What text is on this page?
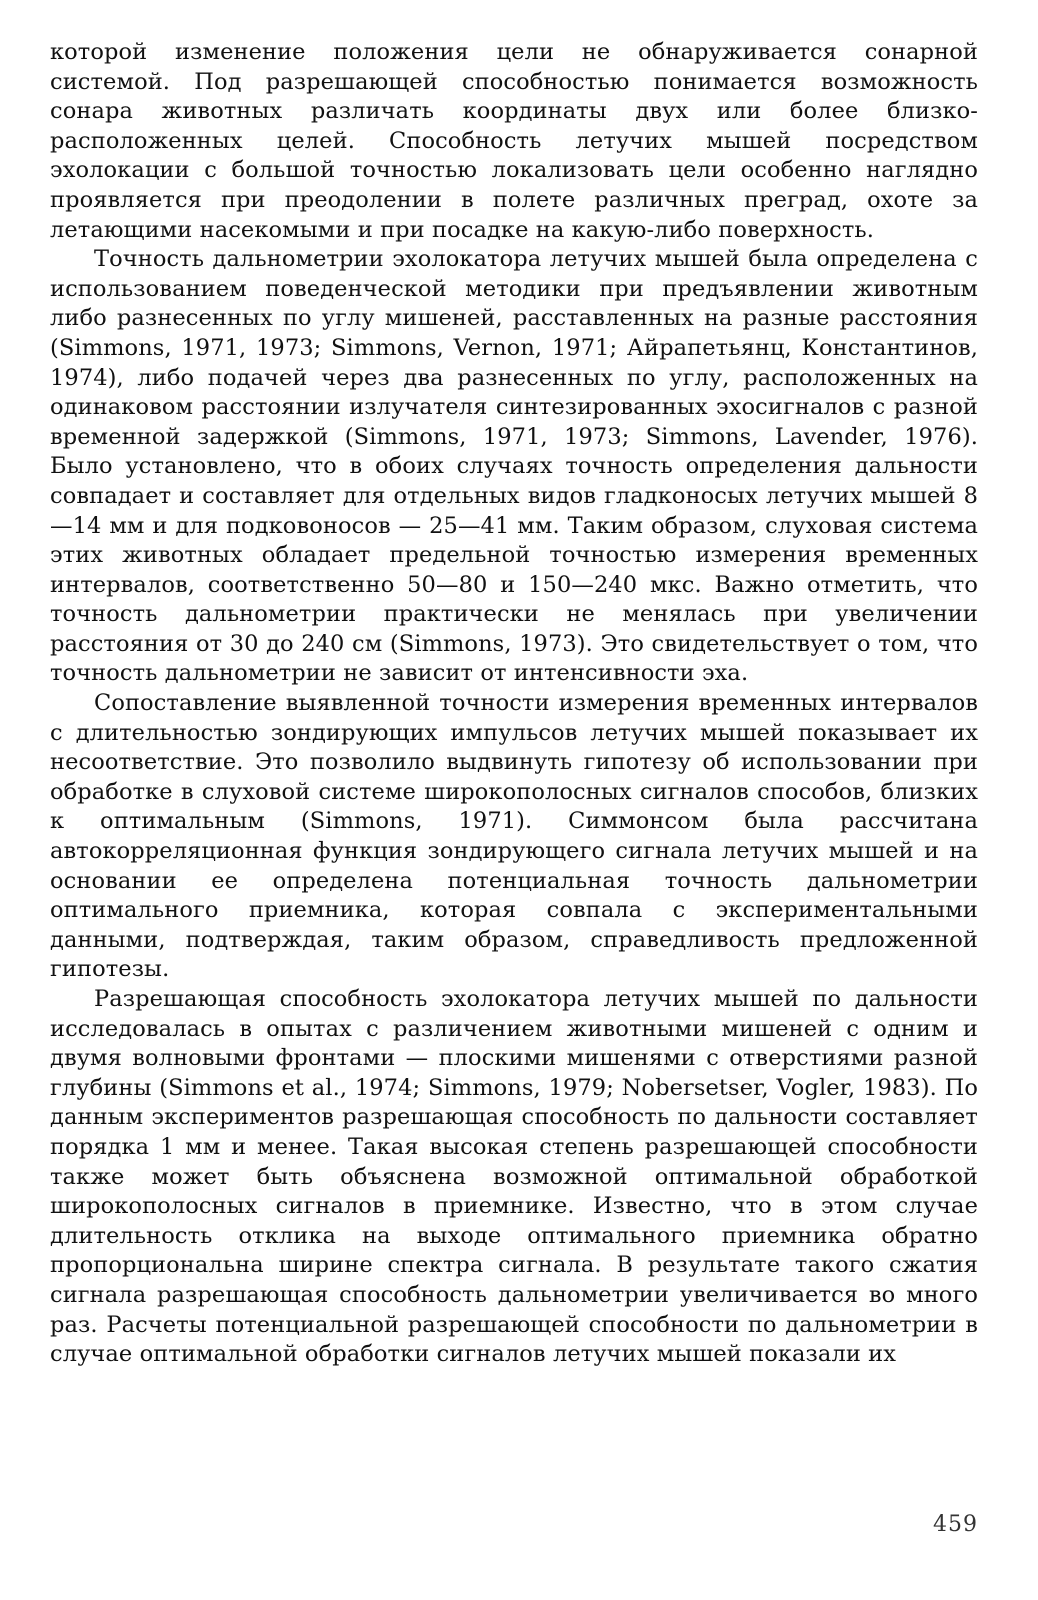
которой изменение положения цели не обнаруживается сонарной системой. Под разрешающей способностью понимается возможность сонара животных различать координаты двух или более близко-расположенных целей. Способность летучих мышей посредством эхолокации с большой точностью локализовать цели особенно наглядно проявляется при преодолении в полете различных преград, охоте за летающими насекомыми и при посадке на какую-либо поверхность.

Точность дальнометрии эхолокатора летучих мышей была определена с использованием поведенческой методики при предъявлении животным либо разнесенных по углу мишеней, расставленных на разные расстояния (Simmons, 1971, 1973; Simmons, Vernon, 1971; Айрапетьянц, Константинов, 1974), либо подачей через два разнесенных по углу, расположенных на одинаковом расстоянии излучателя синтезированных эхосигналов с разной временной задержкой (Simmons, 1971, 1973; Simmons, Lavender, 1976). Было установлено, что в обоих случаях точность определения дальности совпадает и составляет для отдельных видов гладконосых летучих мышей 8—14 мм и для подковоносов — 25—41 мм. Таким образом, слуховая система этих животных обладает предельной точностью измерения временных интервалов, соответственно 50—80 и 150—240 мкс. Важно отметить, что точность дальнометрии практически не менялась при увеличении расстояния от 30 до 240 см (Simmons, 1973). Это свидетельствует о том, что точность дальнометрии не зависит от интенсивности эха.

Сопоставление выявленной точности измерения временных интервалов с длительностью зондирующих импульсов летучих мышей показывает их несоответствие. Это позволило выдвинуть гипотезу об использовании при обработке в слуховой системе широкополосных сигналов способов, близких к оптимальным (Simmons, 1971). Симмонсом была рассчитана автокорреляционная функция зондирующего сигнала летучих мышей и на основании ее определена потенциальная точность дальнометрии оптимального приемника, которая совпала с экспериментальными данными, подтверждая, таким образом, справедливость предложенной гипотезы.

Разрешающая способность эхолокатора летучих мышей по дальности исследовалась в опытах с различением животными мишеней с одним и двумя волновыми фронтами — плоскими мишенями с отверстиями разной глубины (Simmons et al., 1974; Simmons, 1979; Nobersetser, Vogler, 1983). По данным экспериментов разрешающая способность по дальности составляет порядка 1 мм и менее. Такая высокая степень разрешающей способности также может быть объяснена возможной оптимальной обработкой широкополосных сигналов в приемнике. Известно, что в этом случае длительность отклика на выходе оптимального приемника обратно пропорциональна ширине спектра сигнала. В результате такого сжатия сигнала разрешающая способность дальнометрии увеличивается во много раз. Расчеты потенциальной разрешающей способности по дальнометрии в случае оптимальной обработки сигналов летучих мышей показали их

459
